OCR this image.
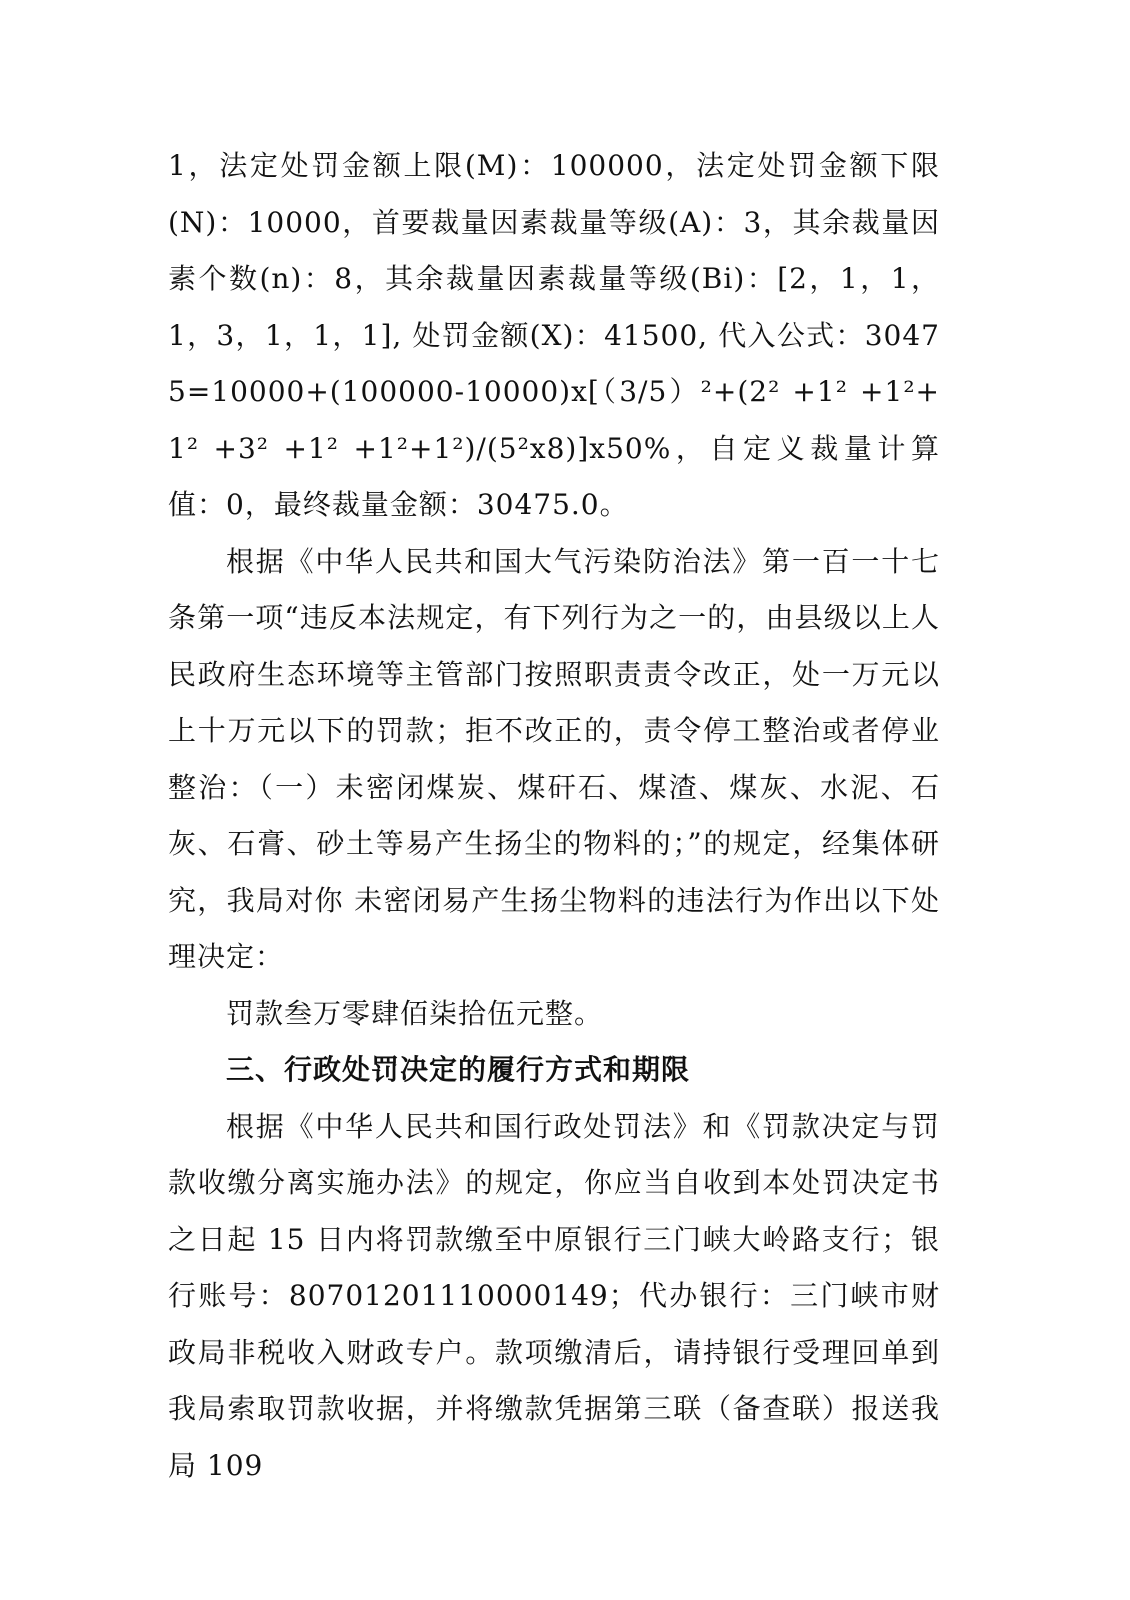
1，法定处罚金额上限(M)：100000，法定处罚金额下限(N)：10000，首要裁量因素裁量等级(A)：3，其余裁量因素个数(n)：8，其余裁量因素裁量等级(Bi)：[2，1，1，1，3，1，1，1], 处罚金额(X)：41500, 代入公式：30475=10000+(100000-10000)x[（3/5）²+(2² +1² +1²+1² +3² +1² +1²+1²)/(5²x8)]x50%，自定义裁量计算值：0，最终裁量金额：30475.0。

根据《中华人民共和国大气污染防治法》第一百一十七条第一项“违反本法规定，有下列行为之一的，由县级以上人民政府生态环境等主管部门按照职责责令改正，处一万元以上十万元以下的罚款；拒不改正的，责令停工整治或者停业整治：（一）未密闭煤炭、煤矸石、煤渣、煤灰、水泥、石灰、石膏、砂土等易产生扬尘的物料的；”的规定，经集体研究，我局对你 未密闭易产生扬尘物料的违法行为作出以下处理决定：

罚款叁万零肆佰柒拾伍元整。

三、行政处罚决定的履行方式和期限

根据《中华人民共和国行政处罚法》和《罚款决定与罚款收缴分离实施办法》的规定，你应当自收到本处罚决定书之日起 15 日内将罚款缴至中原银行三门峡大岭路支行；银行账号：80701201110000149；代办银行：三门峡市财政局非税收入财政专户。款项缴清后，请持银行受理回单到我局索取罚款收据，并将缴款凭据第三联（备查联）报送我局 109
